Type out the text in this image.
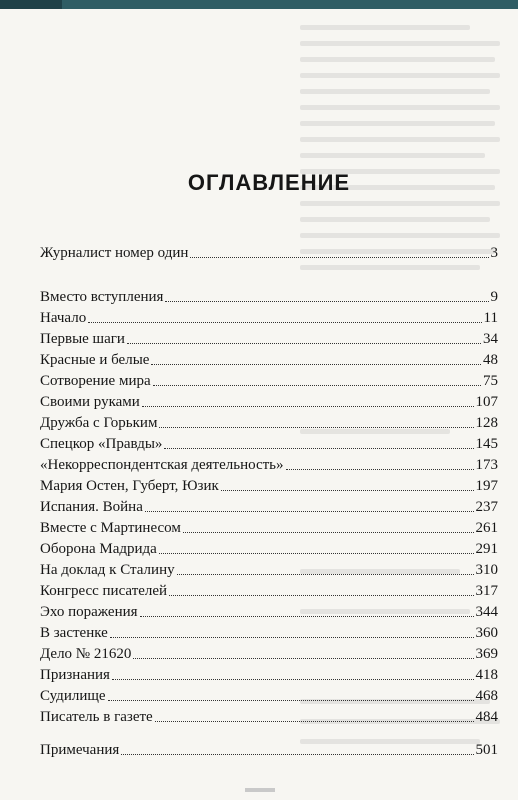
ОГЛАВЛЕНИЕ
Журналист номер один	3
Вместо вступления	9
Начало	11
Первые шаги	34
Красные и белые	48
Сотворение мира	75
Своими руками	107
Дружба с Горьким	128
Спецкор «Правды»	145
«Некорреспондентская деятельность»	173
Мария Остен, Губерт, Юзик	197
Испания. Война	237
Вместе с Мартинесом	261
Оборона Мадрида	291
На доклад к Сталину	310
Конгресс писателей	317
Эхо поражения	344
В застенке	360
Дело № 21620	369
Признания	418
Судилище	468
Писатель в газете	484
Примечания	501
